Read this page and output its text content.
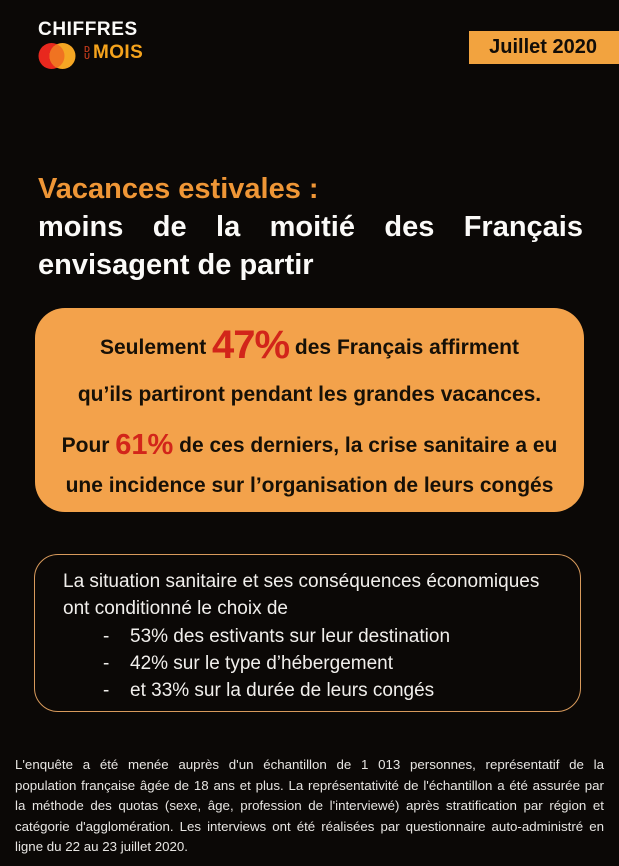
CHIFFRES
DU MOIS	Juillet 2020
Vacances estivales :
moins de la moitié des Français
envisagent de partir
Seulement 47% des Français affirment
qu’ils partiront pendant les grandes vacances.
Pour 61% de ces derniers, la crise sanitaire a eu
une incidence sur l’organisation de leurs congés
La situation sanitaire et ses conséquences économiques ont conditionné le choix de
-	53% des estivants sur leur destination
-	42% sur le type d’hébergement
-	et 33% sur la durée de leurs congés
L'enquête a été menée auprès d'un échantillon de 1 013 personnes, représentatif de la
population française âgée de 18 ans et plus. La représentativité de l'échantillon a été assurée par
la méthode des quotas (sexe, âge, profession de l'interviewé) après stratification par région et
catégorie d'agglomération. Les interviews ont été réalisées par questionnaire auto-administré en
ligne du 22 au 23 juillet 2020.
